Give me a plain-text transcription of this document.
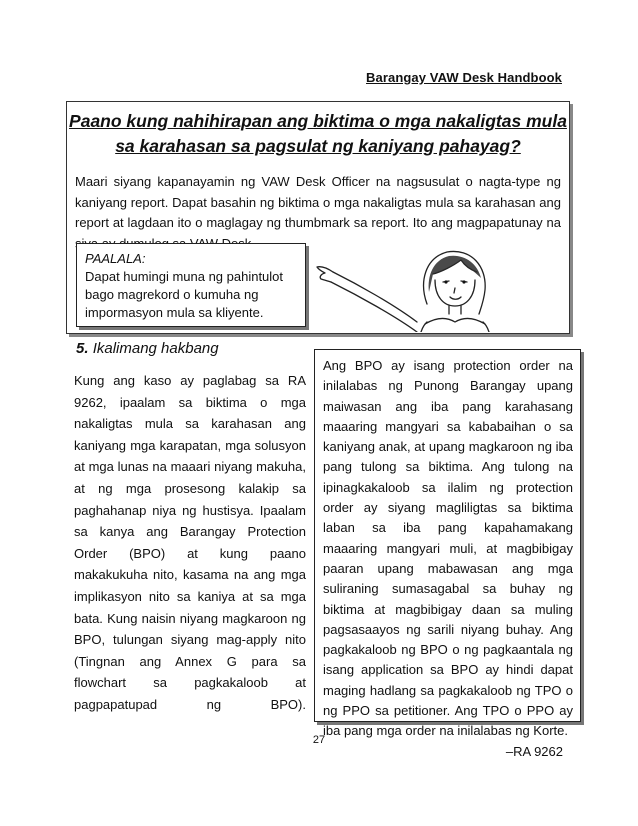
Barangay VAW Desk Handbook
Paano kung nahihirapan ang biktima o mga nakaligtas mula sa karahasan sa pagsulat ng kaniyang pahayag?
Maari siyang kapanayamin ng VAW Desk Officer na nagsusulat o nagta-type ng kaniyang report. Dapat basahin ng biktima o mga nakaligtas mula sa karahasan ang report at lagdaan ito o maglagay ng thumbmark sa report. Ito ang magpapatunay na
PAALALA:
Dapat humingi muna ng pahintulot bago magrekord o kumuha ng impormasyon mula sa kliyente.
5. Ikalimang hakbang
Kung ang kaso ay paglabag sa RA 9262, ipaalam sa biktima o mga nakaligtas mula sa karahasan ang kaniyang mga karapatan, mga solusyon at mga lunas na maaari niyang makuha, at ng mga prosesong kalakip sa paghahanap niya ng hustisya. Ipaalam sa kanya ang Barangay Protection Order (BPO) at kung paano makakukuha nito, kasama na ang mga implikasyon nito sa kaniya at sa mga bata. Kung naisin niyang magkaroon ng BPO, tulungan siyang mag-apply nito (Tingnan ang Annex G para sa flowchart sa pagkakaloob at pagpapatupad ng BPO).
Ang BPO ay isang protection order na inilalabas ng Punong Barangay upang maiwasan ang iba pang karahasang maaaring mangyari sa kababaihan o sa kaniyang anak, at upang magkaroon ng iba pang tulong sa biktima. Ang tulong na ipinagkakaloob sa ilalim ng protection order ay siyang magliligtas sa biktima laban sa iba pang kapahamakang maaaring mangyari muli, at magbibigay paaran upang mabawasan ang mga suliraning sumasagabal sa buhay ng biktima at magbibigay daan sa muling pagsasaayos ng sarili niyang buhay. Ang pagkakaloob ng BPO o ng pagkaantala ng isang application sa BPO ay hindi dapat maging hadlang sa pagkakaloob ng TPO o ng PPO sa petitioner. Ang TPO o PPO ay iba pang mga order na inilalabas ng Korte.
–RA 9262
27
